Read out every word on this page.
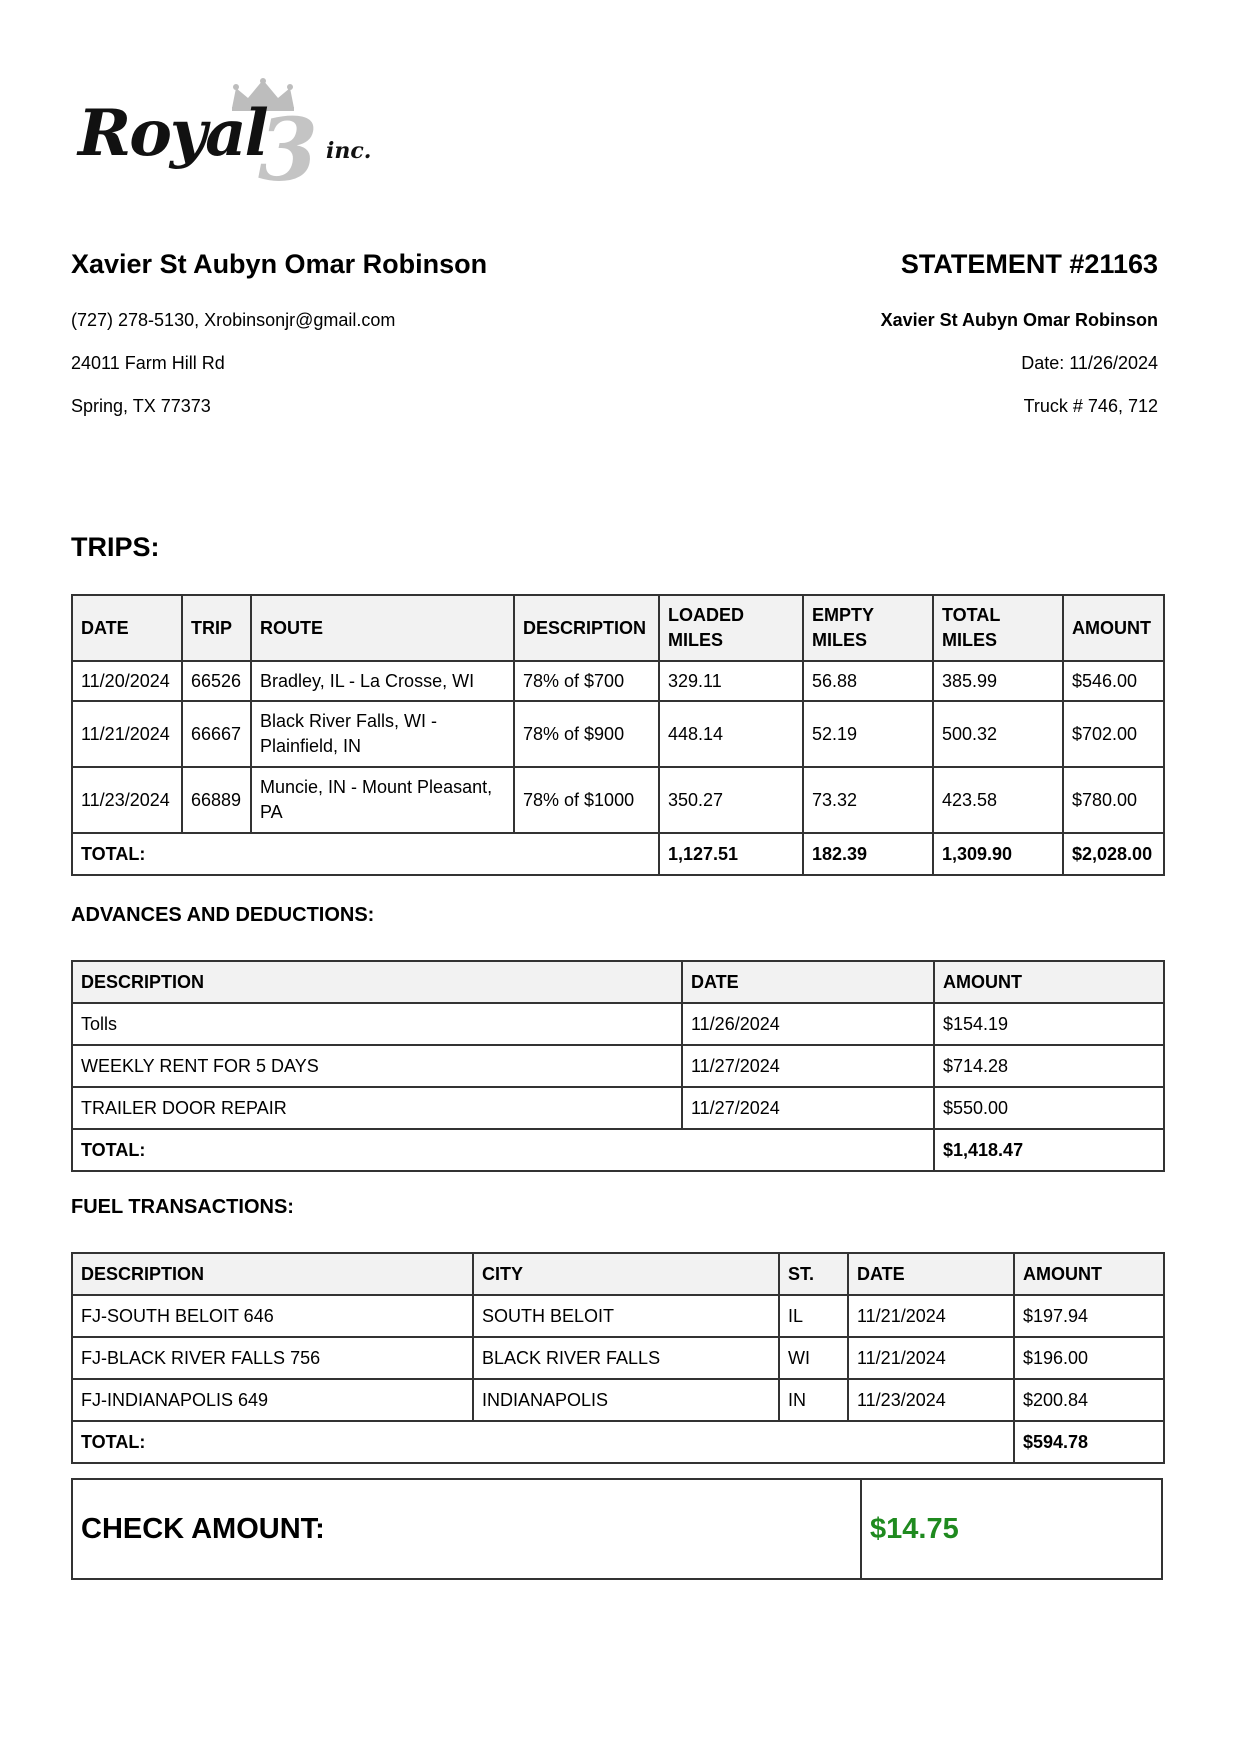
3
Royal	inc.

Xavier St Aubyn Omar Robinson

(727) 278-5130, Xrobinsonjr@gmail.com

24011 Farm Hill Rd

Spring, TX 77373

STATEMENT #21163

Xavier St Aubyn Omar Robinson

Date: 11/26/2024

Truck # 746, 712

TRIPS:

DATE	TRIP	ROUTE	DESCRIPTION	LOADED MILES	EMPTY MILES	TOTAL MILES	AMOUNT
11/20/2024	66526	Bradley, IL - La Crosse, WI	78% of $700	329.11	56.88	385.99	$546.00
11/21/2024	66667	Black River Falls, WI - Plainfield, IN	78% of $900	448.14	52.19	500.32	$702.00
11/23/2024	66889	Muncie, IN - Mount Pleasant, PA	78% of $1000	350.27	73.32	423.58	$780.00
TOTAL:				1,127.51	182.39	1,309.90	$2,028.00

ADVANCES AND DEDUCTIONS:

DESCRIPTION	DATE	AMOUNT
Tolls	11/26/2024	$154.19
WEEKLY RENT FOR 5 DAYS	11/27/2024	$714.28
TRAILER DOOR REPAIR	11/27/2024	$550.00
TOTAL:		$1,418.47

FUEL TRANSACTIONS:

DESCRIPTION	CITY	ST.	DATE	AMOUNT
FJ-SOUTH BELOIT 646	SOUTH BELOIT	IL	11/21/2024	$197.94
FJ-BLACK RIVER FALLS 756	BLACK RIVER FALLS	WI	11/21/2024	$196.00
FJ-INDIANAPOLIS 649	INDIANAPOLIS	IN	11/23/2024	$200.84
TOTAL:				$594.78
CHECK AMOUNT:	$14.75
